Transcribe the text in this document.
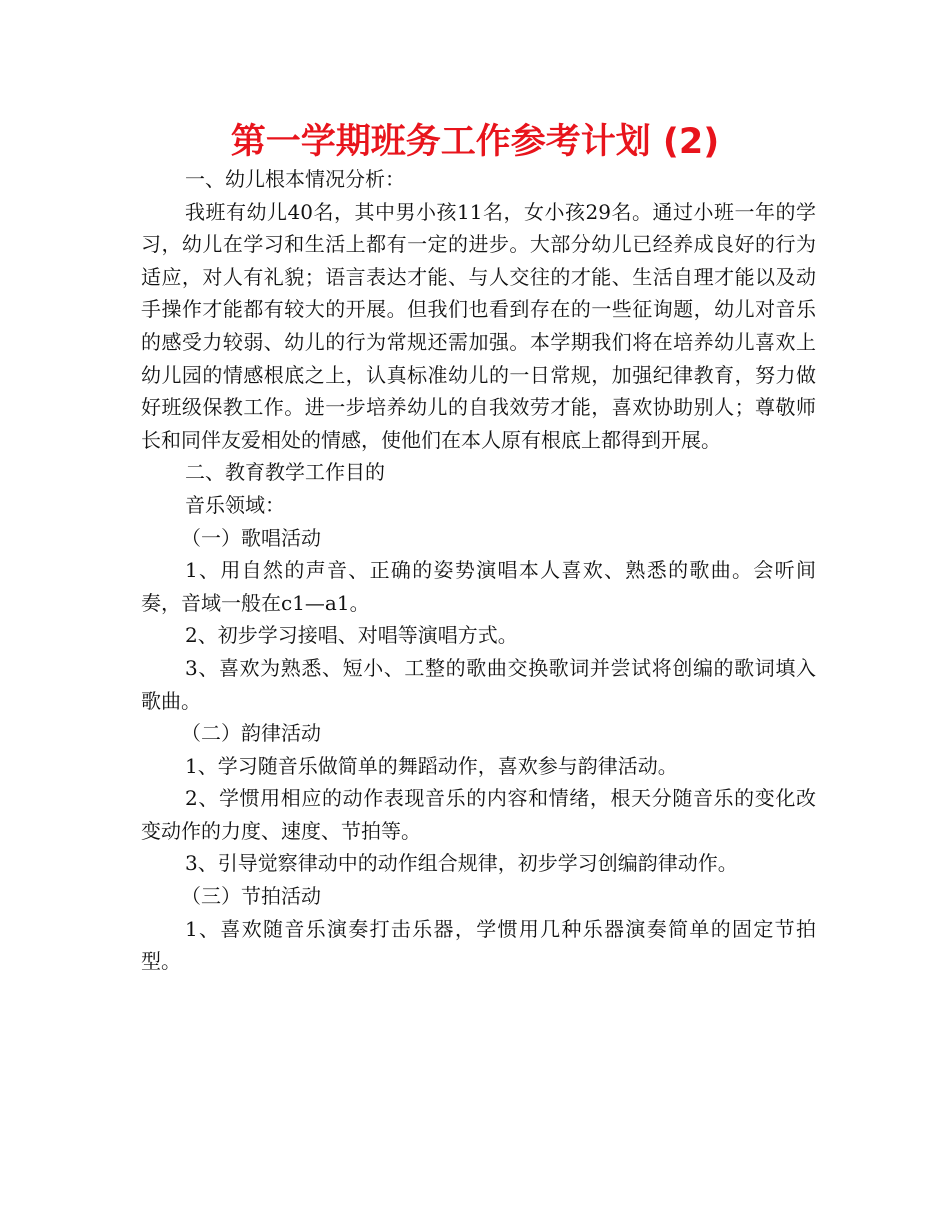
第一学期班务工作参考计划 (2)

一、幼儿根本情况分析：

我班有幼儿40名，其中男小孩11名，女小孩29名。通过小班一年的学习，幼儿在学习和生活上都有一定的进步。大部分幼儿已经养成良好的行为适应，对人有礼貌；语言表达才能、与人交往的才能、生活自理才能以及动手操作才能都有较大的开展。但我们也看到存在的一些征询题，幼儿对音乐的感受力较弱、幼儿的行为常规还需加强。本学期我们将在培养幼儿喜欢上幼儿园的情感根底之上，认真标准幼儿的一日常规，加强纪律教育，努力做好班级保教工作。进一步培养幼儿的自我效劳才能，喜欢协助别人；尊敬师长和同伴友爱相处的情感，使他们在本人原有根底上都得到开展。

二、教育教学工作目的

音乐领域：

（一）歌唱活动

1、用自然的声音、正确的姿势演唱本人喜欢、熟悉的歌曲。会听间奏，音域一般在c1—a1。

2、初步学习接唱、对唱等演唱方式。

3、喜欢为熟悉、短小、工整的歌曲交换歌词并尝试将创编的歌词填入歌曲。

（二）韵律活动

1、学习随音乐做简单的舞蹈动作，喜欢参与韵律活动。

2、学惯用相应的动作表现音乐的内容和情绪，根天分随音乐的变化改变动作的力度、速度、节拍等。

3、引导觉察律动中的动作组合规律，初步学习创编韵律动作。

（三）节拍活动

1、喜欢随音乐演奏打击乐器，学惯用几种乐器演奏简单的固定节拍型。
